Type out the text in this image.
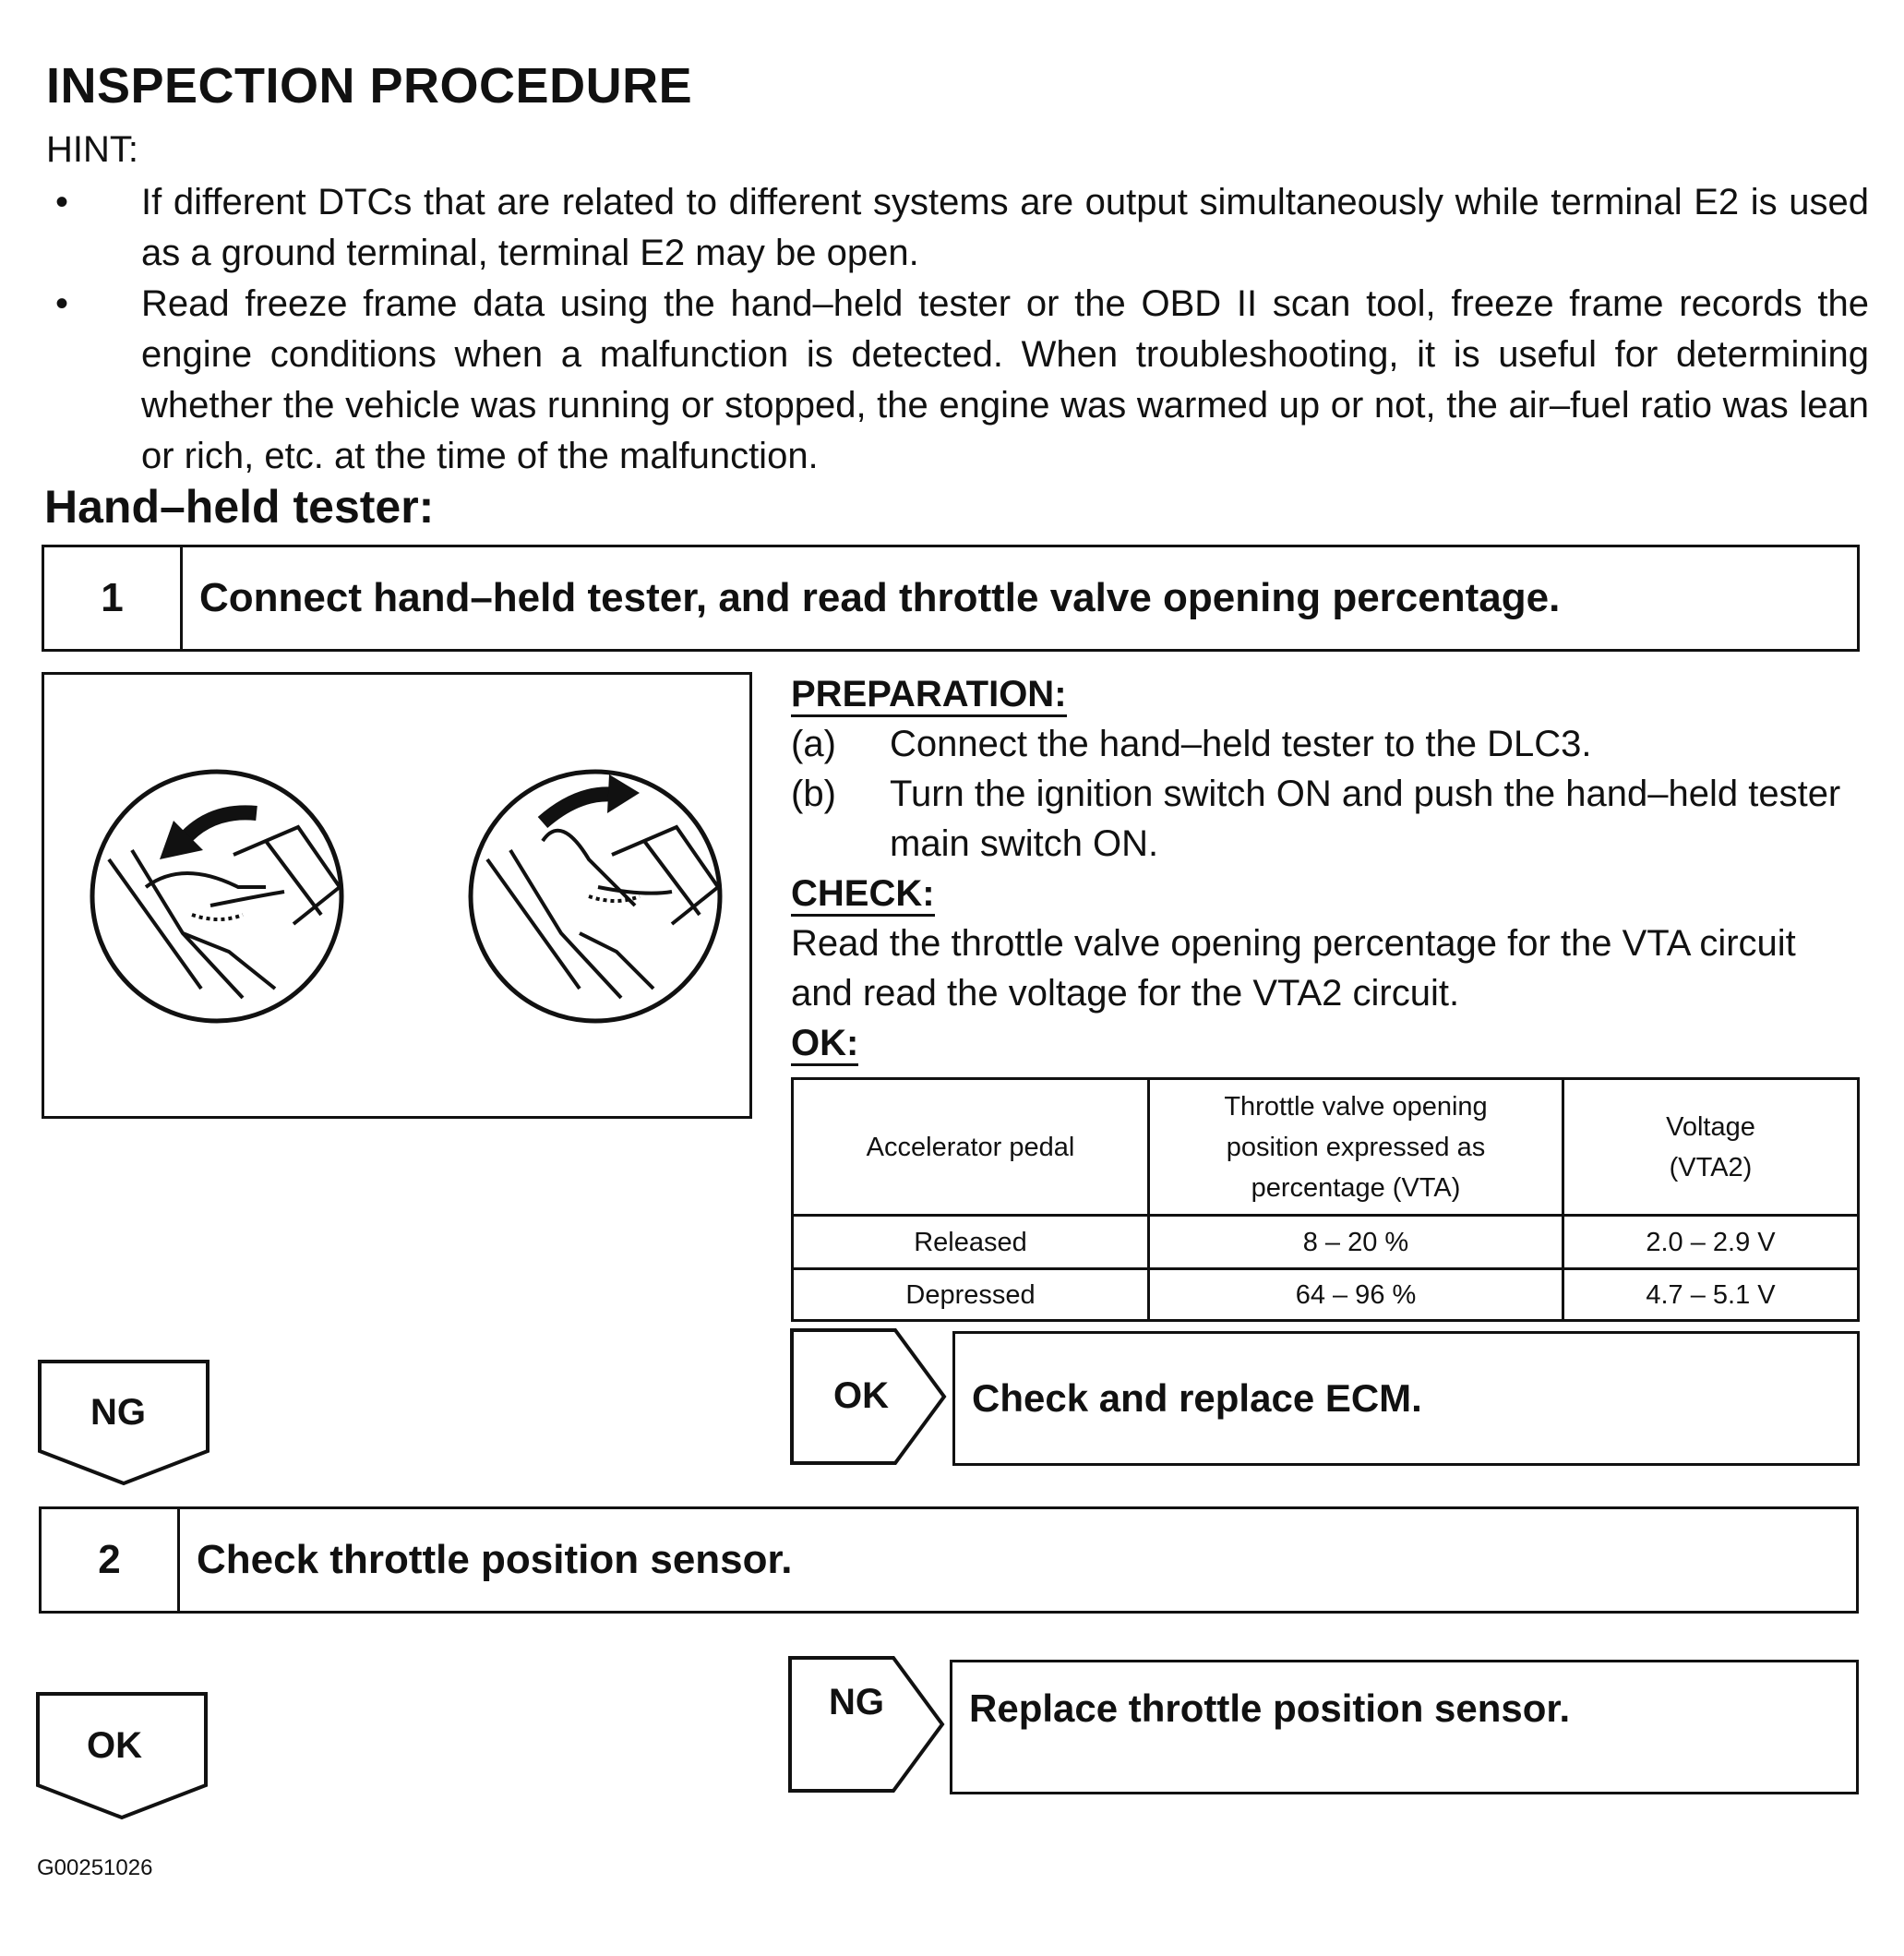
INSPECTION PROCEDURE
HINT:
• If different DTCs that are related to different systems are output simultaneously while terminal E2 is used as a ground terminal, terminal E2 may be open.
• Read freeze frame data using the hand–held tester or the OBD II scan tool, freeze frame records the engine conditions when a malfunction is detected. When troubleshooting, it is useful for determining whether the vehicle was running or stopped, the engine was warmed up or not, the air–fuel ratio was lean or rich, etc. at the time of the malfunction.
Hand–held tester:
1	Connect hand–held tester, and read throttle valve opening percentage.
PREPARATION:
(a) Connect the hand–held tester to the DLC3.
(b) Turn the ignition switch ON and push the hand–held tester main switch ON.
CHECK:
Read the throttle valve opening percentage for the VTA circuit and read the voltage for the VTA2 circuit.
OK:
Accelerator pedal	Throttle valve opening position expressed as percentage (VTA)	Voltage (VTA2)
Released	8 – 20 %	2.0 – 2.9 V
Depressed	64 – 96 %	4.7 – 5.1 V
NG	OK	Check and replace ECM.
2	Check throttle position sensor.
OK
NG	Replace throttle position sensor.
G00251026
